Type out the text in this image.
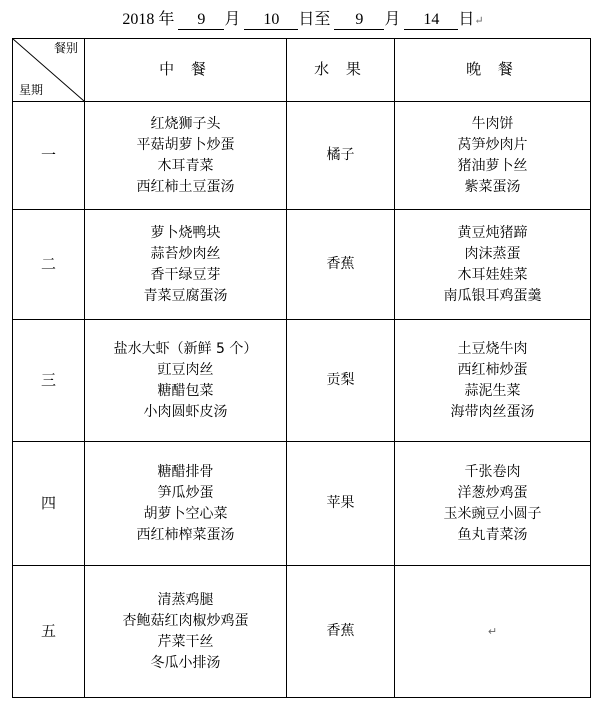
2018 年 9 月 10 日至 9 月 14 日↵
餐别
星期	中 餐	水 果	晚 餐
一	红烧狮子头
平菇胡萝卜炒蛋
木耳青菜
西红柿土豆蛋汤	橘子	牛肉饼
莴笋炒肉片
猪油萝卜丝
紫菜蛋汤

二	萝卜烧鸭块
蒜苔炒肉丝
香干绿豆芽
青菜豆腐蛋汤	香蕉	黄豆炖猪蹄
肉沫蒸蛋
木耳娃娃菜
南瓜银耳鸡蛋羹

三	盐水大虾（新鲜 5 个）
豇豆肉丝
糖醋包菜
小肉圆虾皮汤	贡梨	土豆烧牛肉
西红柿炒蛋
蒜泥生菜
海带肉丝蛋汤

四	糖醋排骨
笋瓜炒蛋
胡萝卜空心菜
西红柿榨菜蛋汤	苹果	千张卷肉
洋葱炒鸡蛋
玉米豌豆小圆子
鱼丸青菜汤

五	清蒸鸡腿
杏鲍菇红肉椒炒鸡蛋
芹菜干丝
冬瓜小排汤	香蕉	↵
